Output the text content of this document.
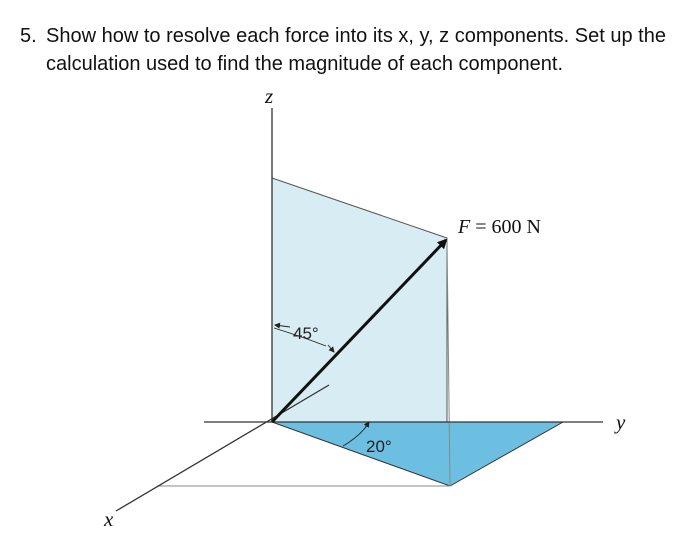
5. Show how to resolve each force into its x, y, z components. Set up the
calculation used to find the magnitude of each component.
z
y
x
F = 600 N
45°
20°
